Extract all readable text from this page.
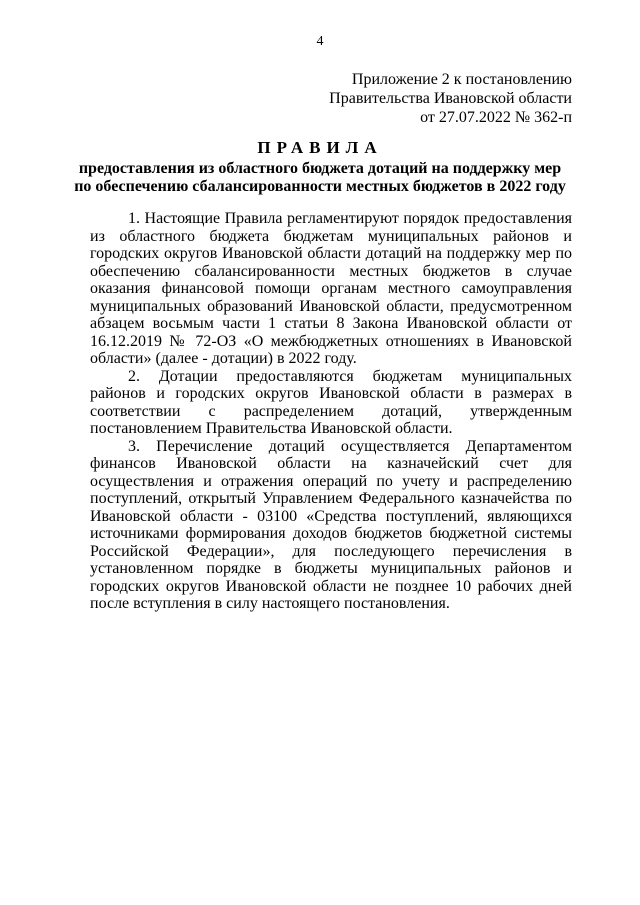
4
Приложение 2 к постановлению
Правительства Ивановской области
от 27.07.2022 № 362-п
ПРАВИЛА
предоставления из областного бюджета дотаций на поддержку мер
по обеспечению сбалансированности местных бюджетов в 2022 году

1. Настоящие Правила регламентируют порядок предоставления из областного бюджета бюджетам муниципальных районов и городских округов Ивановской области дотаций на поддержку мер по обеспечению сбалансированности местных бюджетов в случае оказания финансовой помощи органам местного самоуправления муниципальных образований Ивановской области, предусмотренном абзацем восьмым части 1 статьи 8 Закона Ивановской области от 16.12.2019 № 72-ОЗ «О межбюджетных отношениях в Ивановской области» (далее - дотации) в 2022 году.

2. Дотации предоставляются бюджетам муниципальных районов и городских округов Ивановской области в размерах в соответствии с распределением дотаций, утвержденным постановлением Правительства Ивановской области.

3. Перечисление дотаций осуществляется Департаментом финансов Ивановской области на казначейский счет для осуществления и отражения операций по учету и распределению поступлений, открытый Управлением Федерального казначейства по Ивановской области - 03100 «Средства поступлений, являющихся источниками формирования доходов бюджетов бюджетной системы Российской Федерации», для последующего перечисления в установленном порядке в бюджеты муниципальных районов и городских округов Ивановской области не позднее 10 рабочих дней после вступления в силу настоящего постановления.
